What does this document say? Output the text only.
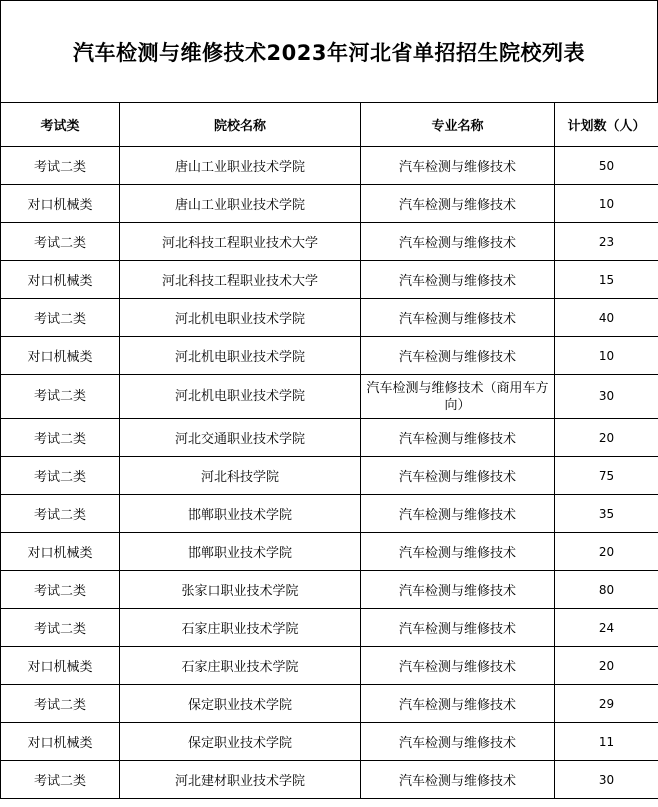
汽车检测与维修技术2023年河北省单招招生院校列表
考试类	院校名称	专业名称	计划数（人）
考试二类	唐山工业职业技术学院	汽车检测与维修技术	50
对口机械类	唐山工业职业技术学院	汽车检测与维修技术	10
考试二类	河北科技工程职业技术大学	汽车检测与维修技术	23
对口机械类	河北科技工程职业技术大学	汽车检测与维修技术	15
考试二类	河北机电职业技术学院	汽车检测与维修技术	40
对口机械类	河北机电职业技术学院	汽车检测与维修技术	10
考试二类	河北机电职业技术学院	汽车检测与维修技术（商用车方向）	30
考试二类	河北交通职业技术学院	汽车检测与维修技术	20
考试二类	河北科技学院	汽车检测与维修技术	75
考试二类	邯郸职业技术学院	汽车检测与维修技术	35
对口机械类	邯郸职业技术学院	汽车检测与维修技术	20
考试二类	张家口职业技术学院	汽车检测与维修技术	80
考试二类	石家庄职业技术学院	汽车检测与维修技术	24
对口机械类	石家庄职业技术学院	汽车检测与维修技术	20
考试二类	保定职业技术学院	汽车检测与维修技术	29
对口机械类	保定职业技术学院	汽车检测与维修技术	11
考试二类	河北建材职业技术学院	汽车检测与维修技术	30
